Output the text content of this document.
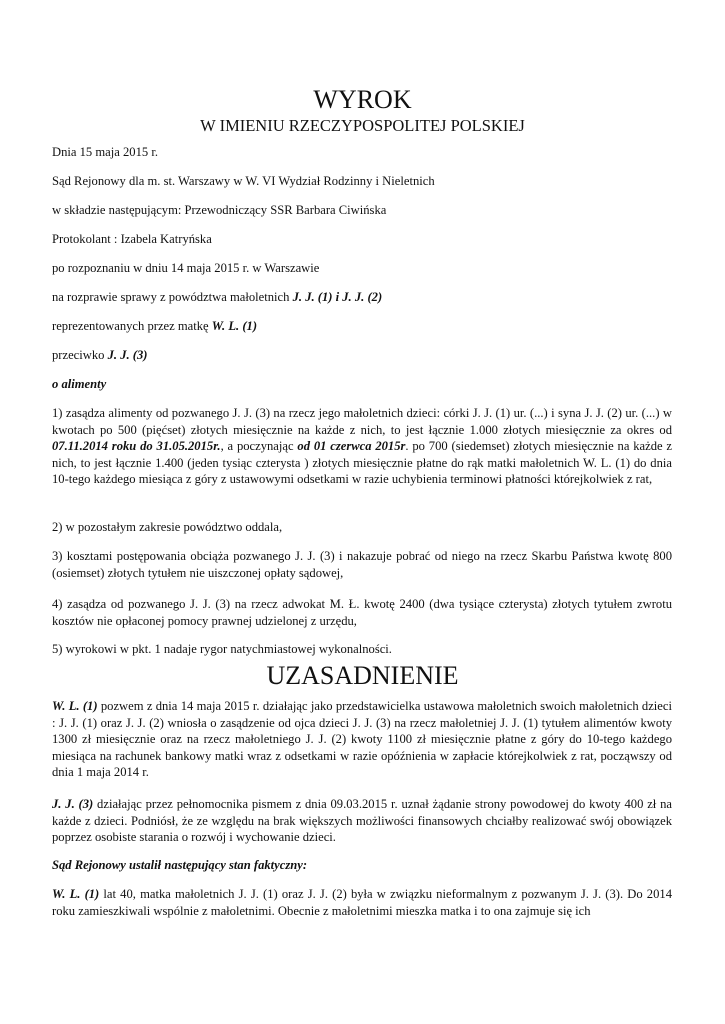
WYROK
W IMIENIU RZECZYPOSPOLITEJ POLSKIEJ

Dnia 15 maja 2015 r.

Sąd Rejonowy dla m. st. Warszawy w W. VI Wydział Rodzinny i Nieletnich

w składzie następującym: Przewodniczący SSR Barbara Ciwińska

Protokolant : Izabela Katryńska

po rozpoznaniu w dniu 14 maja 2015 r. w Warszawie

na rozprawie sprawy z powództwa małoletnich J. J. (1) i J. J. (2)

reprezentowanych przez matkę W. L. (1)

przeciwko J. J. (3)

o alimenty

1) zasądza alimenty od pozwanego J. J. (3) na rzecz jego małoletnich dzieci: córki J. J. (1) ur. (...) i syna J. J. (2) ur. (...) w kwotach po 500 (pięćset) złotych miesięcznie na każde z nich, to jest łącznie 1.000 złotych miesięcznie za okres od 07.11.2014 roku do 31.05.2015r., a poczynając od 01 czerwca 2015r. po 700 (siedemset) złotych miesięcznie na każde z nich, to jest łącznie 1.400 (jeden tysiąc czterysta ) złotych miesięcznie płatne do rąk matki małoletnich W. L. (1) do dnia 10-tego każdego miesiąca z góry z ustawowymi odsetkami w razie uchybienia terminowi płatności którejkolwiek z rat,

2) w pozostałym zakresie powództwo oddala,

3) kosztami postępowania obciąża pozwanego J. J. (3) i nakazuje pobrać od niego na rzecz Skarbu Państwa kwotę 800 (osiemset) złotych tytułem nie uiszczonej opłaty sądowej,

4) zasądza od pozwanego J. J. (3) na rzecz adwokat M. Ł. kwotę 2400 (dwa tysiące czterysta) złotych tytułem zwrotu kosztów nie opłaconej pomocy prawnej udzielonej z urzędu,

5) wyrokowi w pkt. 1 nadaje rygor natychmiastowej wykonalności.

UZASADNIENIE

W. L. (1) pozwem z dnia 14 maja 2015 r. działając jako przedstawicielka ustawowa małoletnich swoich małoletnich dzieci : J. J. (1) oraz J. J. (2) wniosła o zasądzenie od ojca dzieci J. J. (3) na rzecz małoletniej J. J. (1) tytułem alimentów kwoty 1300 zł miesięcznie oraz na rzecz małoletniego J. J. (2) kwoty 1100 zł miesięcznie płatne z góry do 10-tego każdego miesiąca na rachunek bankowy matki wraz z odsetkami w razie opóźnienia w zapłacie którejkolwiek z rat, począwszy od dnia 1 maja 2014 r.

J. J. (3) działając przez pełnomocnika pismem z dnia 09.03.2015 r. uznał żądanie strony powodowej do kwoty 400 zł na każde z dzieci. Podniósł, że ze względu na brak większych możliwości finansowych chciałby realizować swój obowiązek poprzez osobiste starania o rozwój i wychowanie dzieci.

Sąd Rejonowy ustalił następujący stan faktyczny:

W. L. (1) lat 40, matka małoletnich J. J. (1) oraz J. J. (2) była w związku nieformalnym z pozwanym J. J. (3). Do 2014 roku zamieszkiwali wspólnie z małoletnimi. Obecnie z małoletnimi mieszka matka i to ona zajmuje się ich
